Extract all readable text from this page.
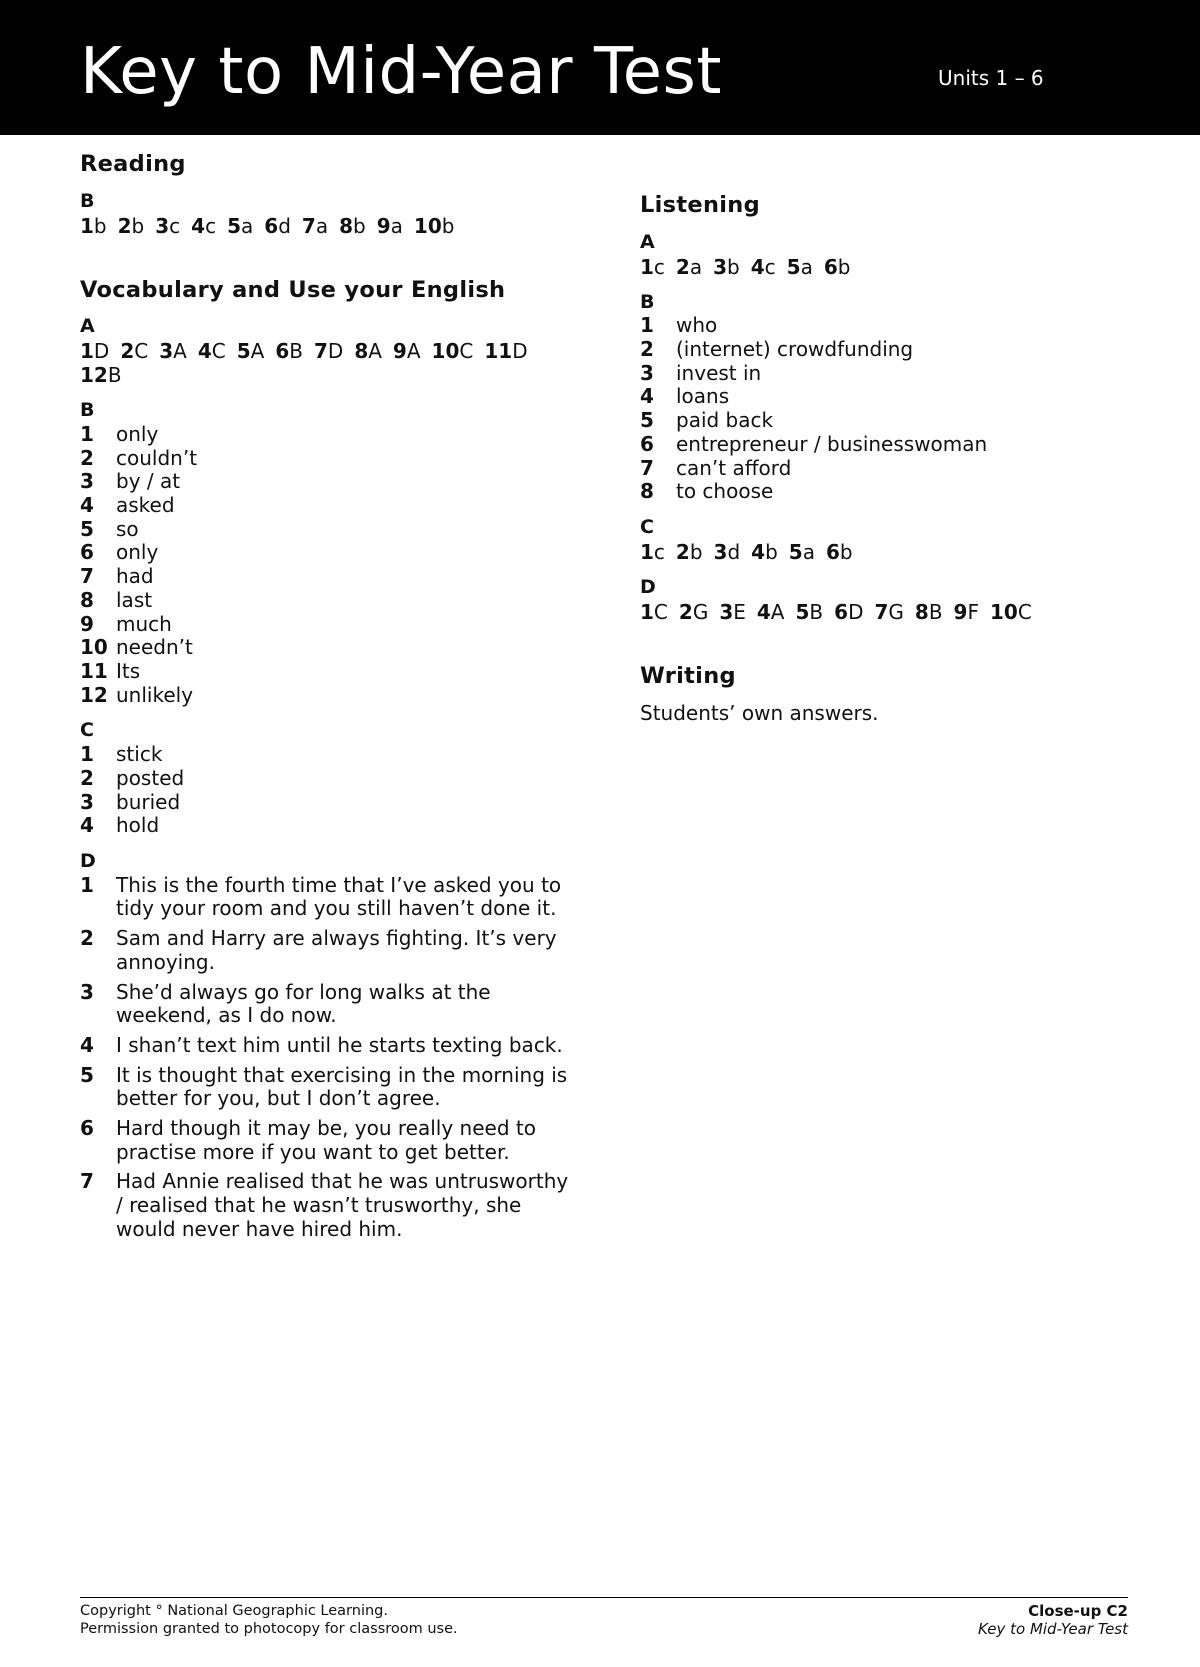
Key to Mid-Year Test	Units 1 – 6
Reading
B
1b 2b 3c 4c 5a 6d 7a 8b 9a 10b
Vocabulary and Use your English
A
1D 2C 3A 4C 5A 6B 7D 8A 9A 10C 11D12B
B
1 only
2 couldn’t
3 by / at
4 asked
5 so
6 only
7 had
8 last
9 much
10 needn’t
11 Its
12 unlikely
C
1 stick
2 posted
3 buried
4 hold
D
1 This is the fourth time that I’ve asked you to tidy your room and you still haven’t done it.
2 Sam and Harry are always fighting. It’s very annoying.
3 She’d always go for long walks at the weekend, as I do now.
4 I shan’t text him until he starts texting back.
5 It is thought that exercising in the morning is better for you, but I don’t agree.
6 Hard though it may be, you really need to practise more if you want to get better.
7 Had Annie realised that he was untrusworthy / realised that he wasn’t trusworthy, she would never have hired him.
Listening
A
1c 2a 3b 4c 5a 6b
B
1 who
2 (internet) crowdfunding
3 invest in
4 loans
5 paid back
6 entrepreneur / businesswoman
7 can’t afford
8 to choose
C
1c 2b 3d 4b 5a 6b
D
1C 2G 3E 4A 5B 6D 7G 8B 9F 10C
Writing

Students’ own answers.

Copyright ° National Geographic Learning.
Permission granted to photocopy for classroom use.
Close-up C2
Key to Mid-Year Test
